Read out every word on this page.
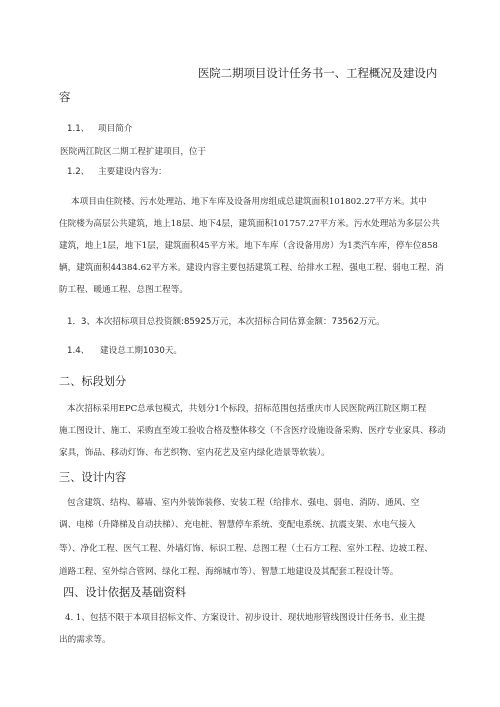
医院二期项目设计任务书一、工程概况及建设内
容
1.1、 项目简介
医院两江院区二期工程扩建项目，位于
1.2、 主要建设内容为：
本项目由住院楼、污水处理站、地下车库及设备用房组成总建筑面积101802.27平方米。其中
住院楼为高层公共建筑，地上18层、地下4层，建筑面积101757.27平方米。污水处理站为多层公共
建筑，地上1层，地下1层，建筑面积45平方米。地下车库（含设备用房）为1类汽车库，停车位858
辆，建筑面积44384.62平方米。建设内容主要包括建筑工程、给排水工程、强电工程、弱电工程、消
防工程、暖通工程、总图工程等。
1．3、本次招标项目总投资额:85925万元，本次招标合同估算金额：73562万元。
1.4、 建设总工期1030天。
二、标段划分
本次招标采用EPC总承包模式，共划分1个标段，招标范围包括重庆市人民医院两江院区期工程
施工图设计、施工、采购直至竣工验收合格及整体移交（不含医疗设施设备采购、医疗专业家具、移动
家具，饰品、移动灯饰、布艺织物、室内花艺及室内绿化造景等软装）。
三、设计内容
包含建筑、结构、幕墙、室内外装饰装修、安装工程（给排水、强电、弱电、消防、通风、空
调、电梯（升降梯及自动扶梯）、充电桩、智慧停车系统、变配电系统、抗震支架、水电气接入
等）、净化工程、医气工程、外墙灯饰、标识工程、总图工程（土石方工程、室外工程、边坡工程、
道路工程、室外综合管网、绿化工程、海绵城市等）、智慧工地建设及其配套工程设计等。
四、设计依据及基础资料
4. 1、包括不限于本项目招标文件、方案设计、初步设计、现状地形管线图设计任务书、业主提
出的需求等。
